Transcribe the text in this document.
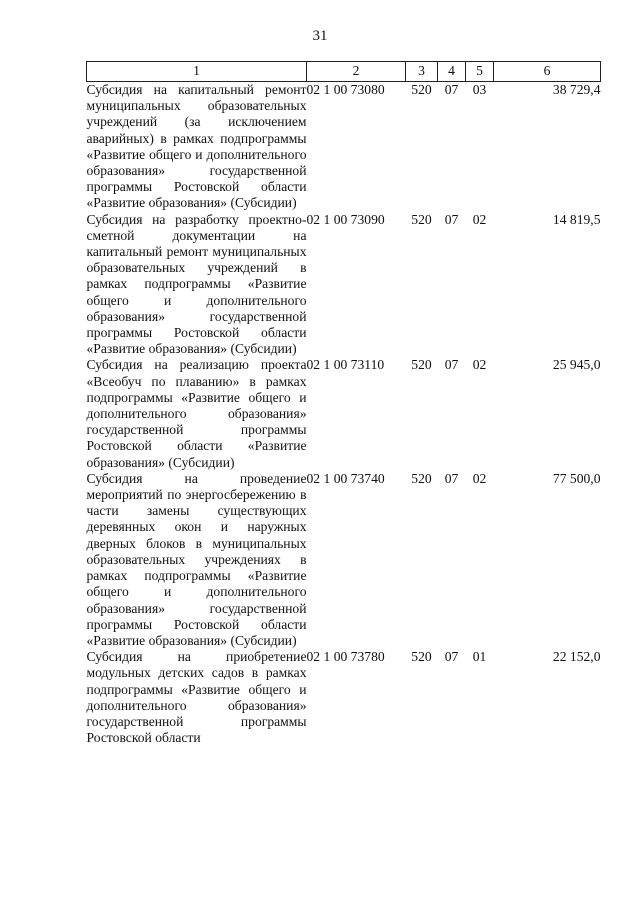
31
1	2	3	4	5	6
Субсидия на капитальный ремонт муниципальных образовательных учреждений (за исключением аварийных) в рамках подпрограммы «Развитие общего и дополнительного образования» государственной программы Ростовской области «Развитие образования» (Субсидии)	02 1 00 73080	520	07	03	38 729,4
Субсидия на разработку проектно-сметной документации на капитальный ремонт муниципальных образовательных учреждений в рамках подпрограммы «Развитие общего и дополнительного образования» государственной программы Ростовской области «Развитие образования» (Субсидии)	02 1 00 73090	520	07	02	14 819,5
Субсидия на реализацию проекта «Всеобуч по плаванию» в рамках подпрограммы «Развитие общего и дополнительного образования» государственной программы Ростовской области «Развитие образования» (Субсидии)	02 1 00 73110	520	07	02	25 945,0
Субсидия на проведение мероприятий по энергосбережению в части замены существующих деревянных окон и наружных дверных блоков в муниципальных образовательных учреждениях в рамках подпрограммы «Развитие общего и дополнительного образования» государственной программы Ростовской области «Развитие образования» (Субсидии)	02 1 00 73740	520	07	02	77 500,0
Субсидия на приобретение модульных детских садов в рамках подпрограммы «Развитие общего и дополнительного образования» государственной программы Ростовской области	02 1 00 73780	520	07	01	22 152,0
